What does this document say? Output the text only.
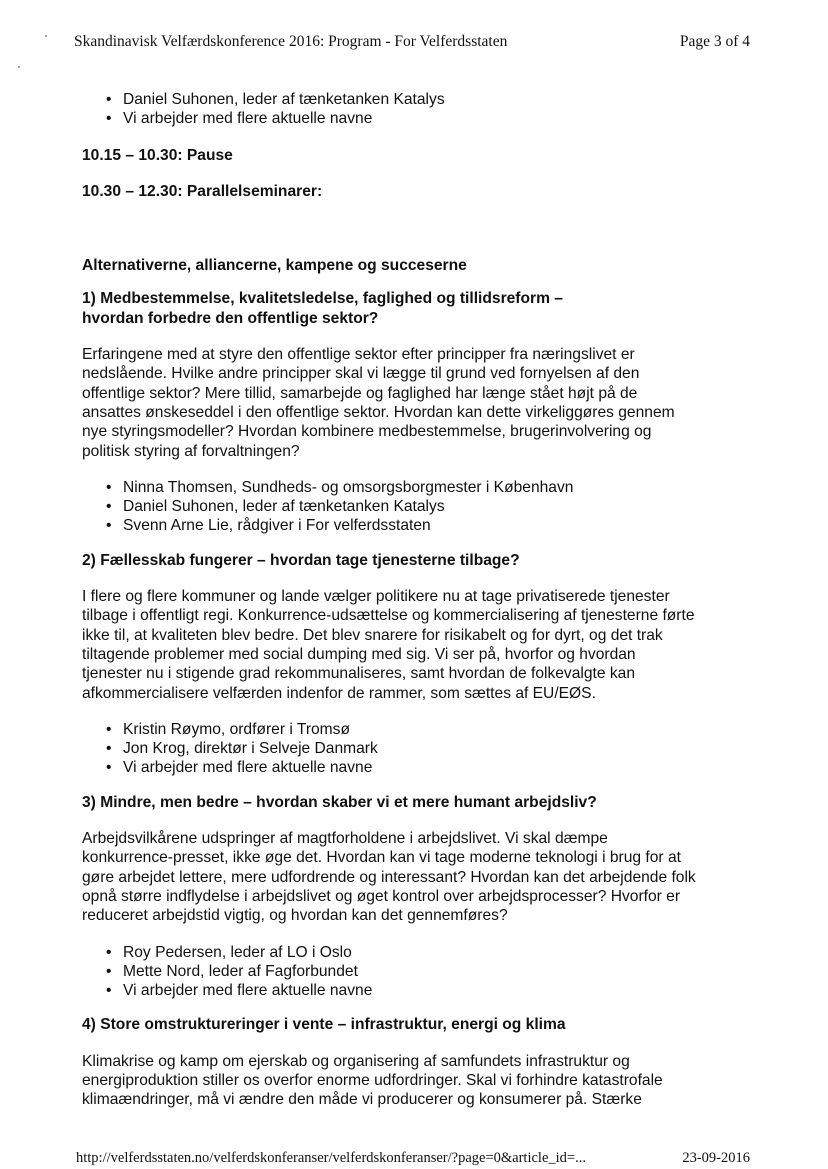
Skandinavisk Velfærdskonference 2016: Program - For Velferdsstaten	Page 3 of 4
• Daniel Suhonen, leder af tænketanken Katalys
• Vi arbejder med flere aktuelle navne

10.15 – 10.30: Pause

10.30 – 12.30: Parallelseminarer:

Alternativerne, alliancerne, kampene og succeserne

1) Medbestemmelse, kvalitetsledelse, faglighed og tillidsreform –

hvordan forbedre den offentlige sektor?

Erfaringene med at styre den offentlige sektor efter principper fra næringslivet er

nedslående. Hvilke andre principper skal vi lægge til grund ved fornyelsen af den

offentlige sektor? Mere tillid, samarbejde og faglighed har længe stået højt på de

ansattes ønskeseddel i den offentlige sektor. Hvordan kan dette virkeliggøres gennem

nye styringsmodeller? Hvordan kombinere medbestemmelse, brugerinvolvering og

politisk styring af forvaltningen?

• Ninna Thomsen, Sundheds- og omsorgsborgmester i København
• Daniel Suhonen, leder af tænketanken Katalys
• Svenn Arne Lie, rådgiver i For velferdsstaten

2) Fællesskab fungerer – hvordan tage tjenesterne tilbage?

I flere og flere kommuner og lande vælger politikere nu at tage privatiserede tjenester

tilbage i offentligt regi. Konkurrence-udsættelse og kommercialisering af tjenesterne førte

ikke til, at kvaliteten blev bedre. Det blev snarere for risikabelt og for dyrt, og det trak

tiltagende problemer med social dumping med sig. Vi ser på, hvorfor og hvordan

tjenester nu i stigende grad rekommunaliseres, samt hvordan de folkevalgte kan

afkommercialisere velfærden indenfor de rammer, som sættes af EU/EØS.

• Kristin Røymo, ordfører i Tromsø
• Jon Krog, direktør i Selveje Danmark
• Vi arbejder med flere aktuelle navne

3) Mindre, men bedre – hvordan skaber vi et mere humant arbejdsliv?

Arbejdsvilkårene udspringer af magtforholdene i arbejdslivet. Vi skal dæmpe

konkurrence-presset, ikke øge det. Hvordan kan vi tage moderne teknologi i brug for at

gøre arbejdet lettere, mere udfordrende og interessant? Hvordan kan det arbejdende folk

opnå større indflydelse i arbejdslivet og øget kontrol over arbejdsprocesser? Hvorfor er

reduceret arbejdstid vigtig, og hvordan kan det gennemføres?

• Roy Pedersen, leder af LO i Oslo
• Mette Nord, leder af Fagforbundet
• Vi arbejder med flere aktuelle navne

4) Store omstruktureringer i vente – infrastruktur, energi og klima

Klimakrise og kamp om ejerskab og organisering af samfundets infrastruktur og

energiproduktion stiller os overfor enorme udfordringer. Skal vi forhindre katastrofale

klimaændringer, må vi ændre den måde vi producerer og konsumerer på. Stærke

http://velferdsstaten.no/velferdskonferanser/velferdskonferanser/?page=0&article_id=...	23-09-2016
